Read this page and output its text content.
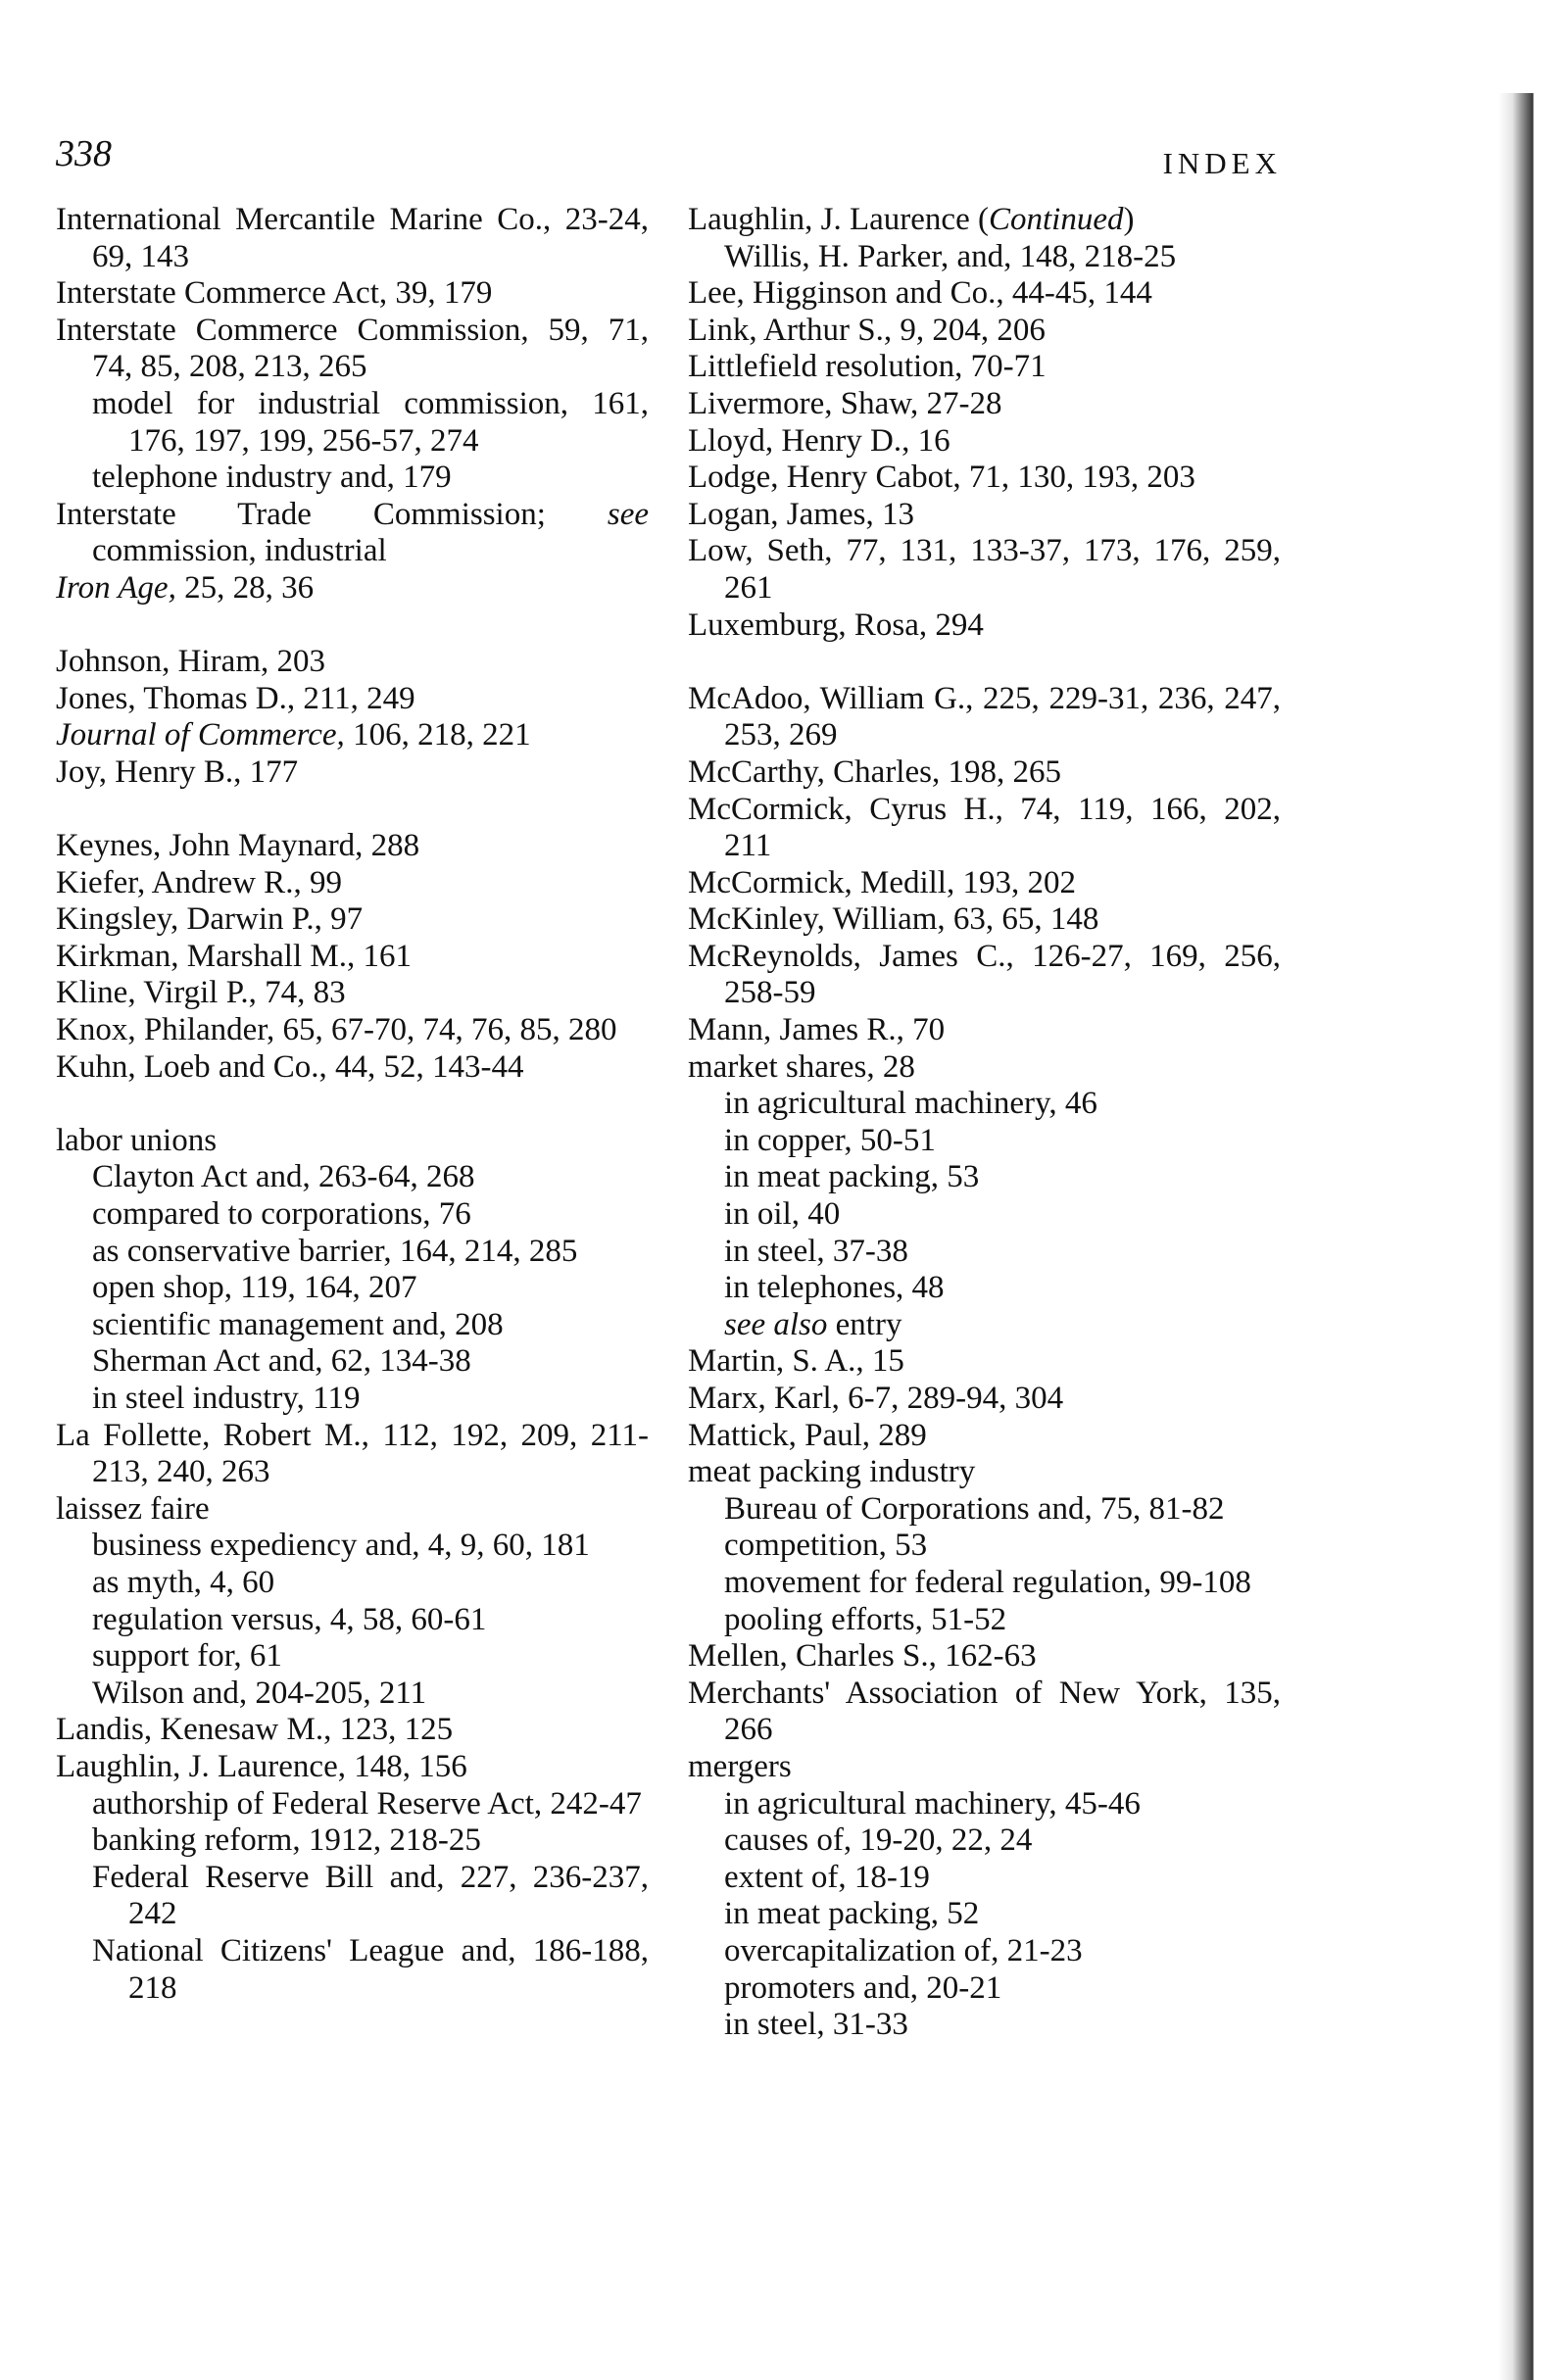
338	INDEX
International Mercantile Marine Co., 23-24, 69, 143
Interstate Commerce Act, 39, 179
Interstate Commerce Commission, 59, 71, 74, 85, 208, 213, 265
model for industrial commission, 161, 176, 197, 199, 256-57, 274
telephone industry and, 179
Interstate Trade Commission; see commission, industrial
Iron Age, 25, 28, 36
Johnson, Hiram, 203
Jones, Thomas D., 211, 249
Journal of Commerce, 106, 218, 221
Joy, Henry B., 177
Keynes, John Maynard, 288
Kiefer, Andrew R., 99
Kingsley, Darwin P., 97
Kirkman, Marshall M., 161
Kline, Virgil P., 74, 83
Knox, Philander, 65, 67-70, 74, 76, 85, 280
Kuhn, Loeb and Co., 44, 52, 143-44
labor unions
Clayton Act and, 263-64, 268
compared to corporations, 76
as conservative barrier, 164, 214, 285
open shop, 119, 164, 207
scientific management and, 208
Sherman Act and, 62, 134-38
in steel industry, 119
La Follette, Robert M., 112, 192, 209, 211-213, 240, 263
laissez faire
business expediency and, 4, 9, 60, 181
as myth, 4, 60
regulation versus, 4, 58, 60-61
support for, 61
Wilson and, 204-205, 211
Landis, Kenesaw M., 123, 125
Laughlin, J. Laurence, 148, 156
authorship of Federal Reserve Act, 242-47
banking reform, 1912, 218-25
Federal Reserve Bill and, 227, 236-237, 242
National Citizens' League and, 186-188, 218
Laughlin, J. Laurence (Continued)
Willis, H. Parker, and, 148, 218-25
Lee, Higginson and Co., 44-45, 144
Link, Arthur S., 9, 204, 206
Littlefield resolution, 70-71
Livermore, Shaw, 27-28
Lloyd, Henry D., 16
Lodge, Henry Cabot, 71, 130, 193, 203
Logan, James, 13
Low, Seth, 77, 131, 133-37, 173, 176, 259, 261
Luxemburg, Rosa, 294
McAdoo, William G., 225, 229-31, 236, 247, 253, 269
McCarthy, Charles, 198, 265
McCormick, Cyrus H., 74, 119, 166, 202, 211
McCormick, Medill, 193, 202
McKinley, William, 63, 65, 148
McReynolds, James C., 126-27, 169, 256, 258-59
Mann, James R., 70
market shares, 28
in agricultural machinery, 46
in copper, 50-51
in meat packing, 53
in oil, 40
in steel, 37-38
in telephones, 48
see also entry
Martin, S. A., 15
Marx, Karl, 6-7, 289-94, 304
Mattick, Paul, 289
meat packing industry
Bureau of Corporations and, 75, 81-82
competition, 53
movement for federal regulation, 99-108
pooling efforts, 51-52
Mellen, Charles S., 162-63
Merchants' Association of New York, 135, 266
mergers
in agricultural machinery, 45-46
causes of, 19-20, 22, 24
extent of, 18-19
in meat packing, 52
overcapitalization of, 21-23
promoters and, 20-21
in steel, 31-33
